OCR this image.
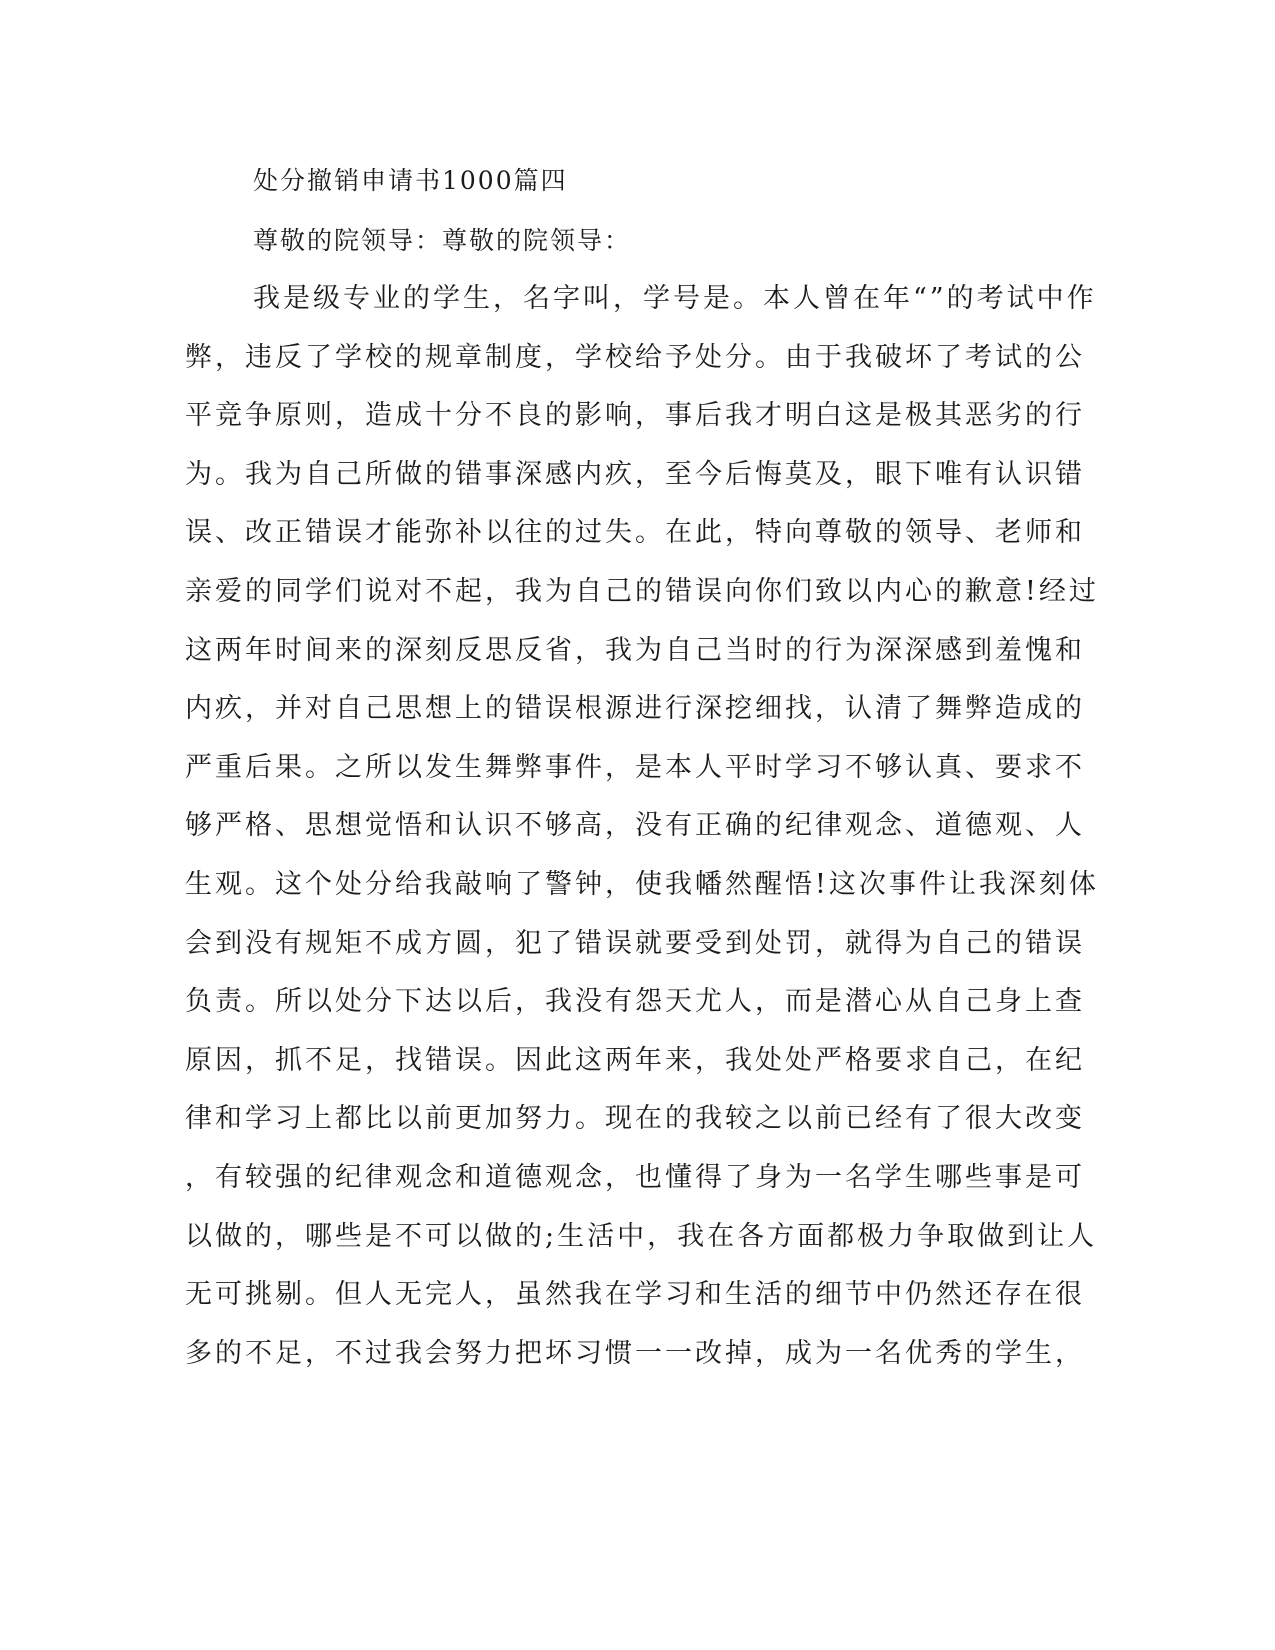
处分撤销申请书1000篇四
尊敬的院领导：尊敬的院领导：
我是级专业的学生，名字叫，学号是。本人曾在年“”的考试中作
弊，违反了学校的规章制度，学校给予处分。由于我破坏了考试的公
平竞争原则，造成十分不良的影响，事后我才明白这是极其恶劣的行
为。我为自己所做的错事深感内疚，至今后悔莫及，眼下唯有认识错
误、改正错误才能弥补以往的过失。在此，特向尊敬的领导、老师和
亲爱的同学们说对不起，我为自己的错误向你们致以内心的歉意!经过
这两年时间来的深刻反思反省，我为自己当时的行为深深感到羞愧和
内疚，并对自己思想上的错误根源进行深挖细找，认清了舞弊造成的
严重后果。之所以发生舞弊事件，是本人平时学习不够认真、要求不
够严格、思想觉悟和认识不够高，没有正确的纪律观念、道德观、人
生观。这个处分给我敲响了警钟，使我幡然醒悟!这次事件让我深刻体
会到没有规矩不成方圆，犯了错误就要受到处罚，就得为自己的错误
负责。所以处分下达以后，我没有怨天尤人，而是潜心从自己身上查
原因，抓不足，找错误。因此这两年来，我处处严格要求自己，在纪
律和学习上都比以前更加努力。现在的我较之以前已经有了很大改变
，有较强的纪律观念和道德观念，也懂得了身为一名学生哪些事是可
以做的，哪些是不可以做的;生活中，我在各方面都极力争取做到让人
无可挑剔。但人无完人，虽然我在学习和生活的细节中仍然还存在很
多的不足，不过我会努力把坏习惯一一改掉，成为一名优秀的学生，
